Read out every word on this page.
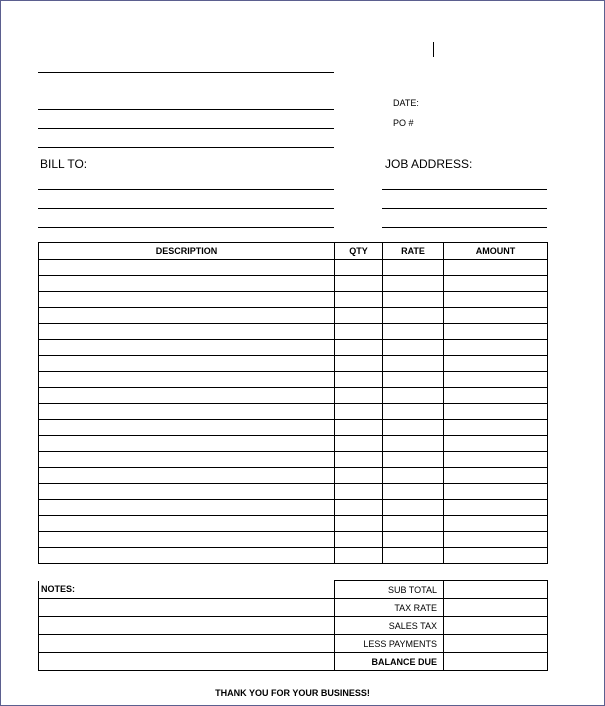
DATE:
PO #
BILL TO:	JOB ADDRESS:
DESCRIPTION	QTY	RATE	AMOUNT

NOTES:	SUB TOTAL	
	TAX RATE	
	SALES TAX	
	LESS PAYMENTS	
	BALANCE DUE	
THANK YOU FOR YOUR BUSINESS!
